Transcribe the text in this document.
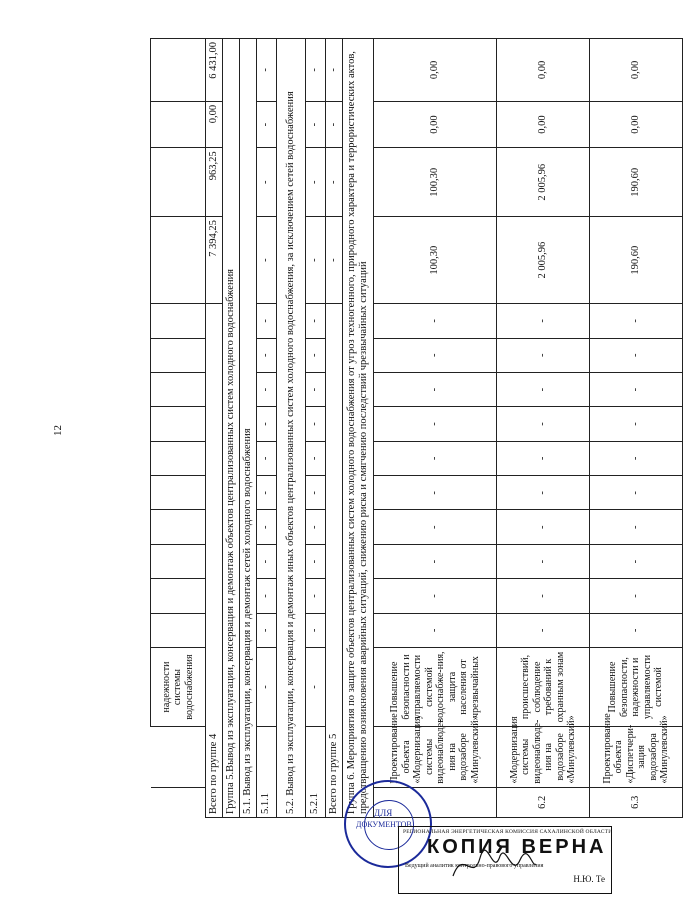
12
		надежности
системы
водоснабжения														
Всего по группе 4													7 394,25	963,25	0,00	6 431,00
Группа 5.Вывод из эксплуатации, консервация и демонтаж объектов централизованных систем холодного водоснабжения																
5.1. Вывод из эксплуатации, консервация и демонтаж сетей холодного водоснабжения																
5.1.1		-	-	-	-	-	-	-	-	-	-	-	-	-	-	-
5.2. Вывод из эксплуатации, консервация и демонтаж иных объектов централизованных систем холодного водоснабжения, за исключением сетей водоснабжения																
5.2.1		-	-	-	-	-	-	-	-	-	-	-	-	-	-	-
Всего по группе 5													-	-	-	-
Группа 6. Мероприятия по защите объектов централизованных систем холодного водоснабжения от угроз техногенного, природного характера и террористических актов, предотвращению возникновения аварийных ситуаций, снижению риска и смягчению последствий чрезвычайных ситуаций																
	Проектирование объекта «Модернизация системы видеонаблюде-ния на водозаборе «Минулевский»	Повышение безопасности и управляемости системой водоснабже-ния, защита населения от чрезвычайных	-	-	-	-	-	-	-	-	-	-	100,30	100,30	0,00	0,00
6.2	«Модернизация системы видеонаблюде-ния на водозаборе «Минулевский»	происшествий, соблюдение требований к охранным зонам	-	-	-	-	-	-	-	-	-	-	2 005,96	2 005,96	0,00	0,00
6.3	Проектирование объекта «Диспетчери-зация водозабора «Минулевский»	Повышение безопасности, надежности и управляемости системой	-	-	-	-	-	-	-	-	-	-	190,60	190,60	0,00	0,00
ДЛЯ
ДОКУМЕНТОВ
РЕГИОНАЛЬНАЯ ЭНЕРГЕТИЧЕСКАЯ КОМИССИЯ САХАЛИНСКОЙ ОБЛАСТИ
КОПИЯ ВЕРНА
Ведущий аналитик контрольно-правового управления
Н.Ю. Те
